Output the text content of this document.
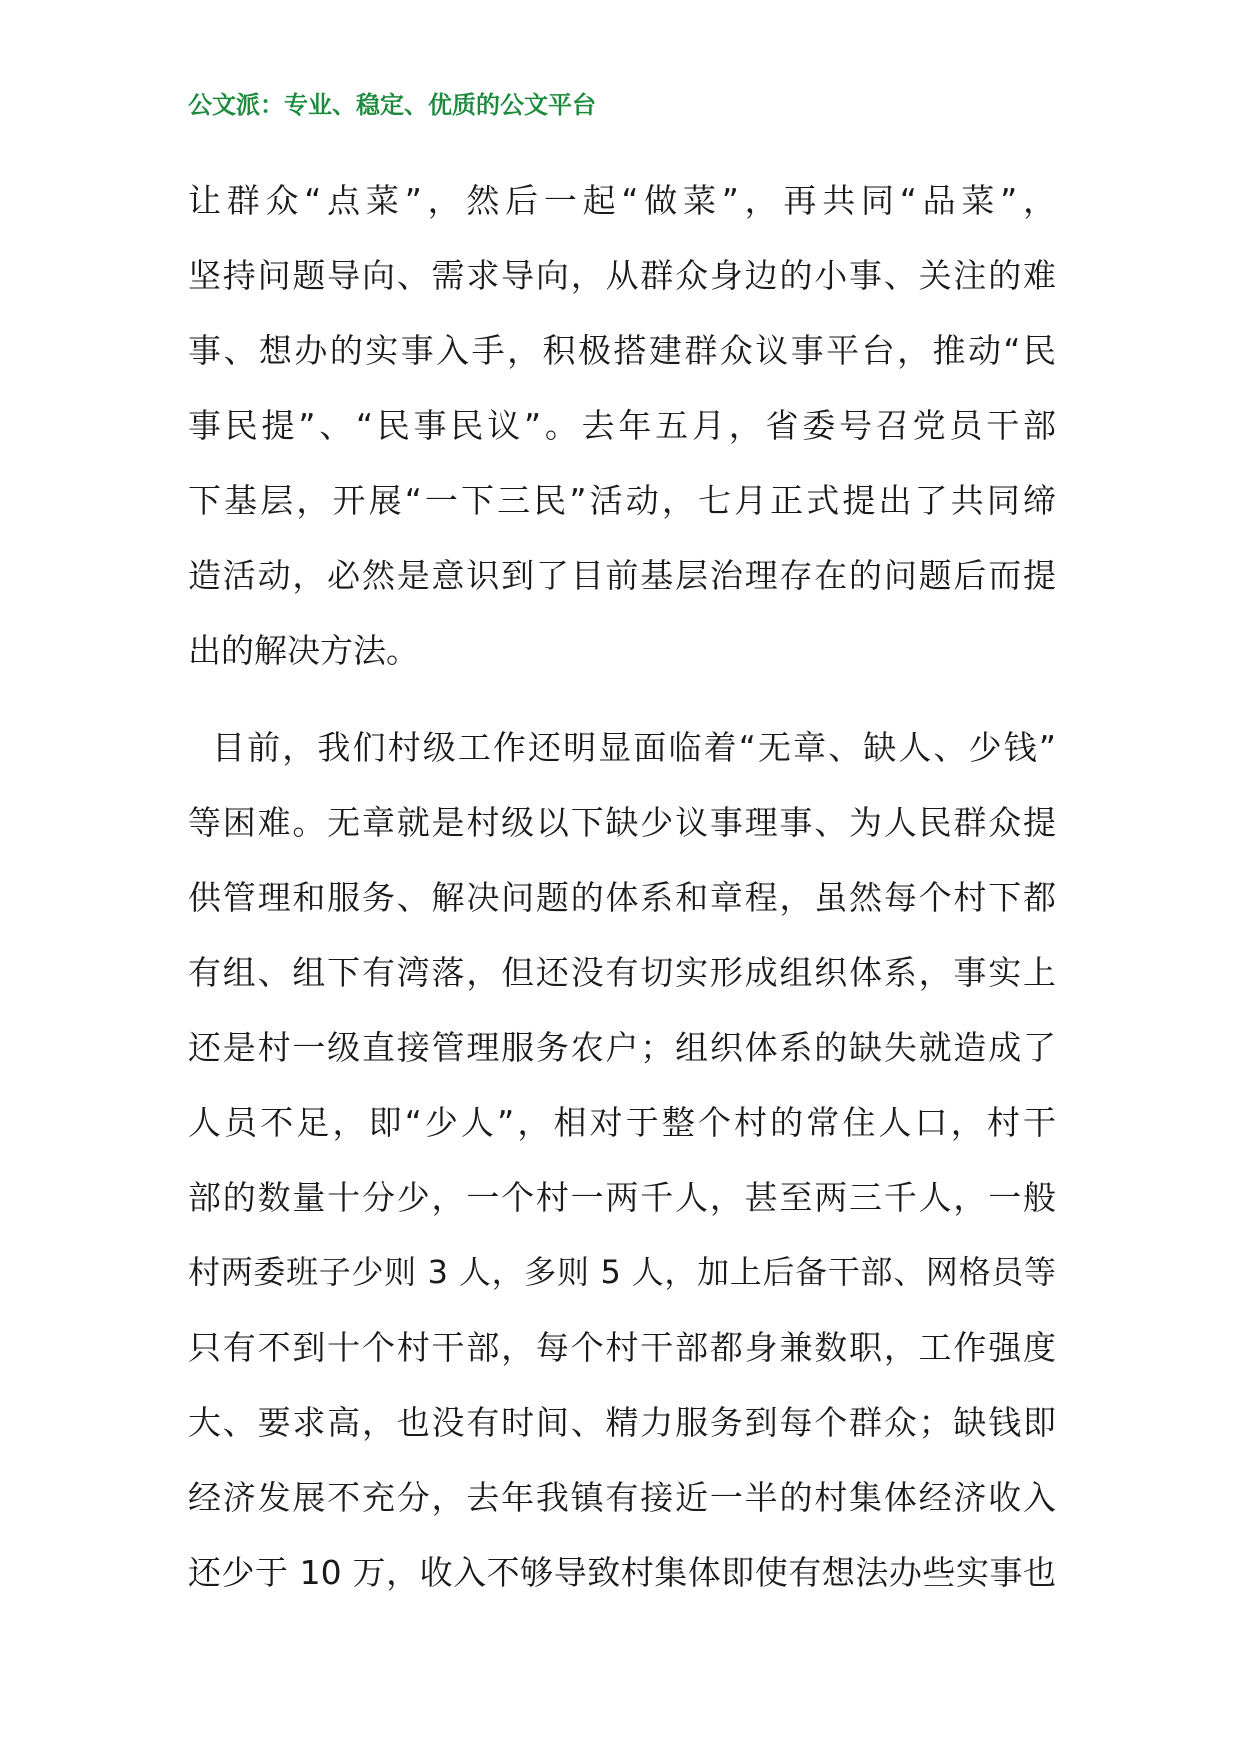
公文派：专业、稳定、优质的公文平台
让群众“点菜”，然后一起“做菜”，再共同“品菜”，
坚持问题导向、需求导向，从群众身边的小事、关注的难
事、想办的实事入手，积极搭建群众议事平台，推动“民
事民提”、“民事民议”。去年五月，省委号召党员干部
下基层，开展“一下三民”活动，七月正式提出了共同缔
造活动，必然是意识到了目前基层治理存在的问题后而提
出的解决方法。
目前，我们村级工作还明显面临着“无章、缺人、少钱”
等困难。无章就是村级以下缺少议事理事、为人民群众提
供管理和服务、解决问题的体系和章程，虽然每个村下都
有组、组下有湾落，但还没有切实形成组织体系，事实上
还是村一级直接管理服务农户；组织体系的缺失就造成了
人员不足，即“少人”，相对于整个村的常住人口，村干
部的数量十分少，一个村一两千人，甚至两三千人，一般
村两委班子少则 3 人，多则 5 人，加上后备干部、网格员等
只有不到十个村干部，每个村干部都身兼数职，工作强度
大、要求高，也没有时间、精力服务到每个群众；缺钱即
经济发展不充分，去年我镇有接近一半的村集体经济收入
还少于 10 万，收入不够导致村集体即使有想法办些实事也
